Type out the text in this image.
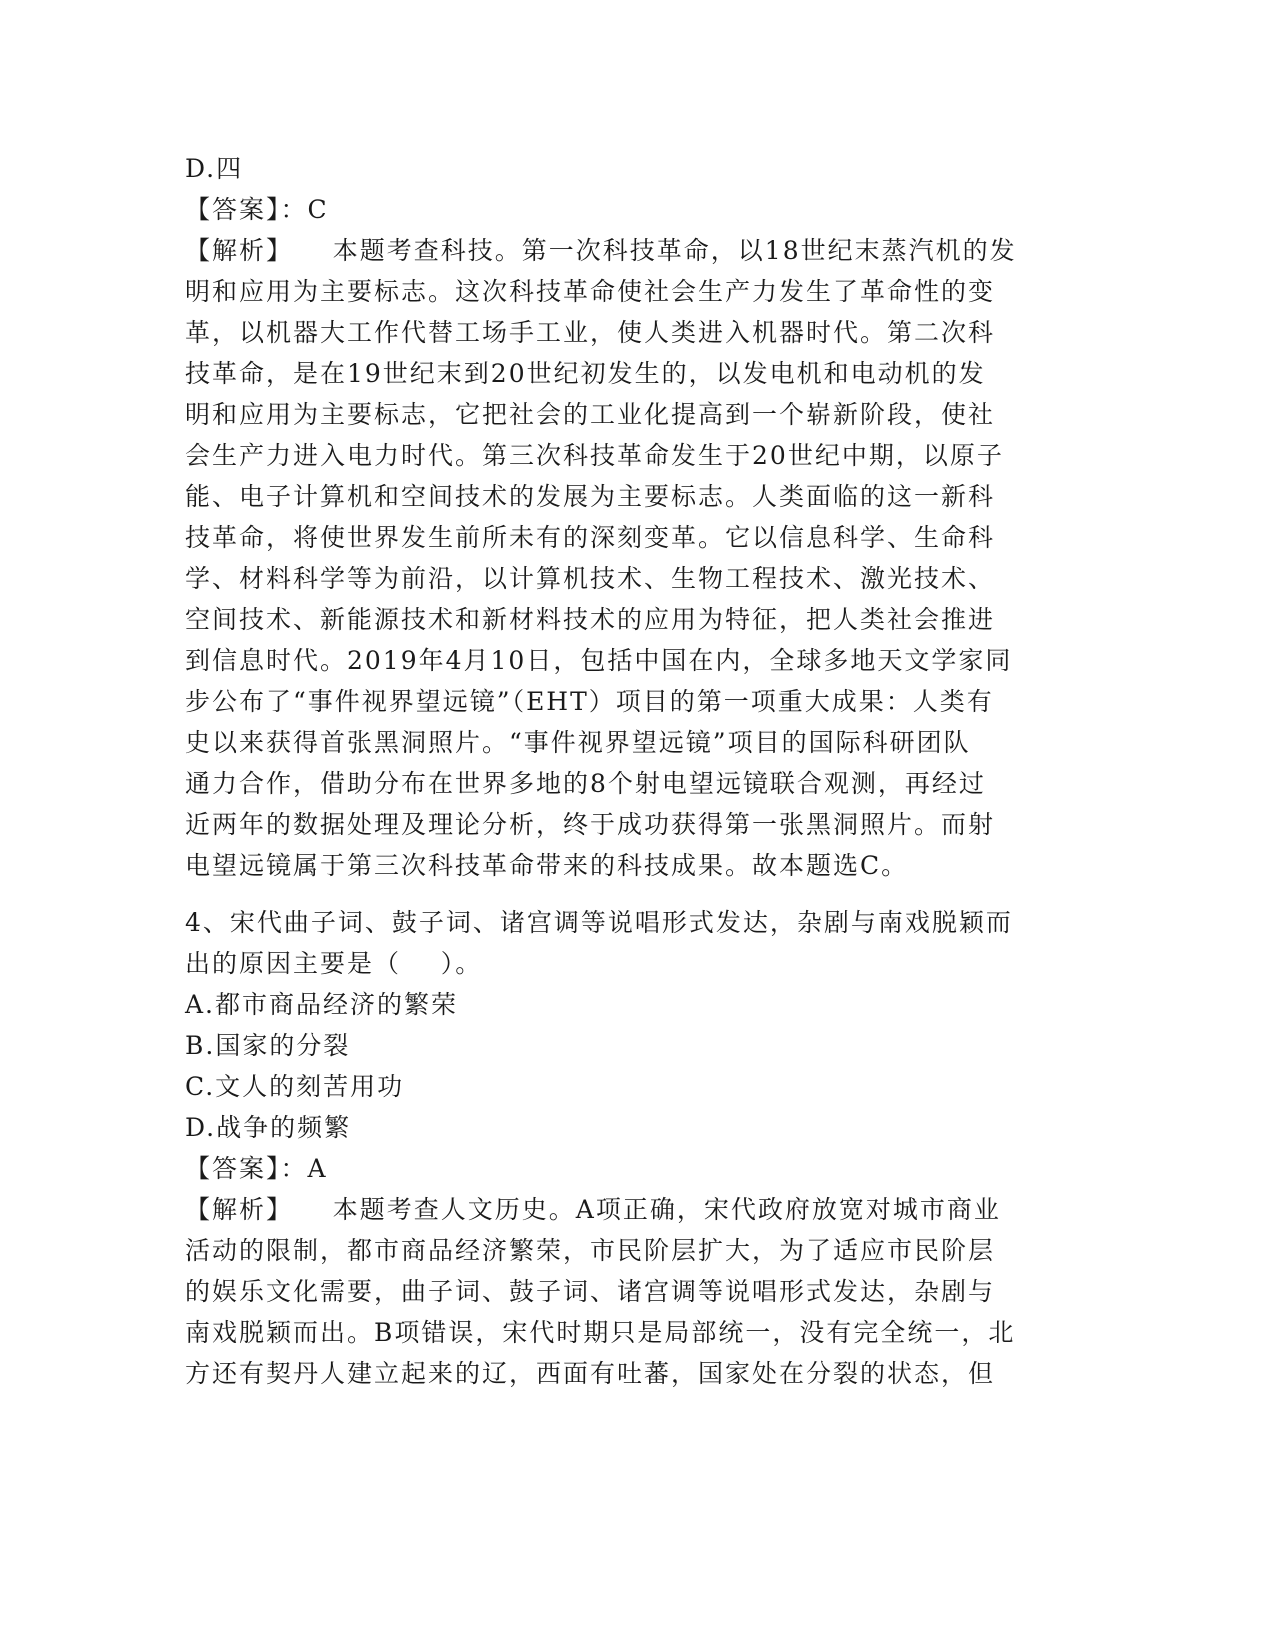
D.四

【答案】：C

【解析】    本题考查科技。第一次科技革命，以18世纪末蒸汽机的发

明和应用为主要标志。这次科技革命使社会生产力发生了革命性的变

革，以机器大工作代替工场手工业，使人类进入机器时代。第二次科

技革命，是在19世纪末到20世纪初发生的，以发电机和电动机的发

明和应用为主要标志，它把社会的工业化提高到一个崭新阶段，使社

会生产力进入电力时代。第三次科技革命发生于20世纪中期，以原子

能、电子计算机和空间技术的发展为主要标志。人类面临的这一新科

技革命，将使世界发生前所未有的深刻变革。它以信息科学、生命科

学、材料科学等为前沿，以计算机技术、生物工程技术、激光技术、

空间技术、新能源技术和新材料技术的应用为特征，把人类社会推进

到信息时代。2019年4月10日，包括中国在内，全球多地天文学家同

步公布了“事件视界望远镜”（EHT）项目的第一项重大成果：人类有

史以来获得首张黑洞照片。“事件视界望远镜”项目的国际科研团队

通力合作，借助分布在世界多地的8个射电望远镜联合观测，再经过

近两年的数据处理及理论分析，终于成功获得第一张黑洞照片。而射

电望远镜属于第三次科技革命带来的科技成果。故本题选C。

4、宋代曲子词、鼓子词、诸宫调等说唱形式发达，杂剧与南戏脱颖而

出的原因主要是（    ）。

A.都市商品经济的繁荣

B.国家的分裂

C.文人的刻苦用功

D.战争的频繁

【答案】：A

【解析】    本题考查人文历史。A项正确，宋代政府放宽对城市商业

活动的限制，都市商品经济繁荣，市民阶层扩大，为了适应市民阶层

的娱乐文化需要，曲子词、鼓子词、诸宫调等说唱形式发达，杂剧与

南戏脱颖而出。B项错误，宋代时期只是局部统一，没有完全统一，北

方还有契丹人建立起来的辽，西面有吐蕃，国家处在分裂的状态，但
